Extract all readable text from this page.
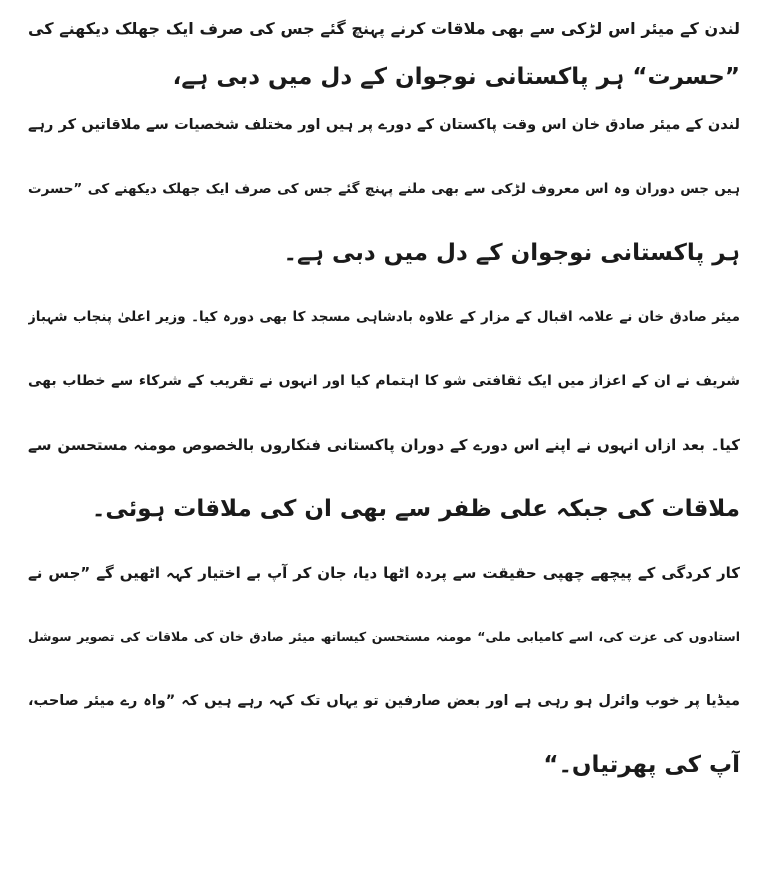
لندن کے میئر اس لڑکی سے بھی ملاقات کرنے پہنچ گئے جس کی صرف ایک جھلک دیکھنے کی
”حسرت“ ہر پاکستانی نوجوان کے دل میں دبی ہے،
لندن کے میئر صادق خان اس وقت پاکستان کے دورے پر ہیں اور مختلف شخصیات سے ملاقاتیں کر رہے
ہیں جس دوران وہ اس معروف لڑکی سے بھی ملنے پہنچ گئے جس کی صرف ایک جھلک دیکھنے کی ”حسرت
ہر پاکستانی نوجوان کے دل میں دبی ہے۔
میئر صادق خان نے علامہ اقبال کے مزار کے علاوہ بادشاہی مسجد کا بھی دورہ کیا۔ وزیر اعلیٰ پنجاب شہباز
شریف نے ان کے اعزاز میں ایک ثقافتی شو کا اہتمام کیا اور انہوں نے تقریب کے شرکاء سے خطاب بھی
کیا۔ بعد ازاں انہوں نے اپنے اس دورے کے دوران پاکستانی فنکاروں بالخصوص مومنہ مستحسن سے
ملاقات کی جبکہ علی ظفر سے بھی ان کی ملاقات ہوئی۔
کار کردگی کے پیچھے چھپی حقیقت سے پردہ اٹھا دیا، جان کر آپ بے اختیار کہہ اٹھیں گے ”جس نے
استادوں کی عزت کی، اسے کامیابی ملی“ مومنہ مستحسن کیساتھ میئر صادق خان کی ملاقات کی تصویر سوشل
میڈیا پر خوب وائرل ہو رہی ہے اور بعض صارفین تو یہاں تک کہہ رہے ہیں کہ ”واہ رے میئر صاحب،
آپ کی پھرتیاں۔“
